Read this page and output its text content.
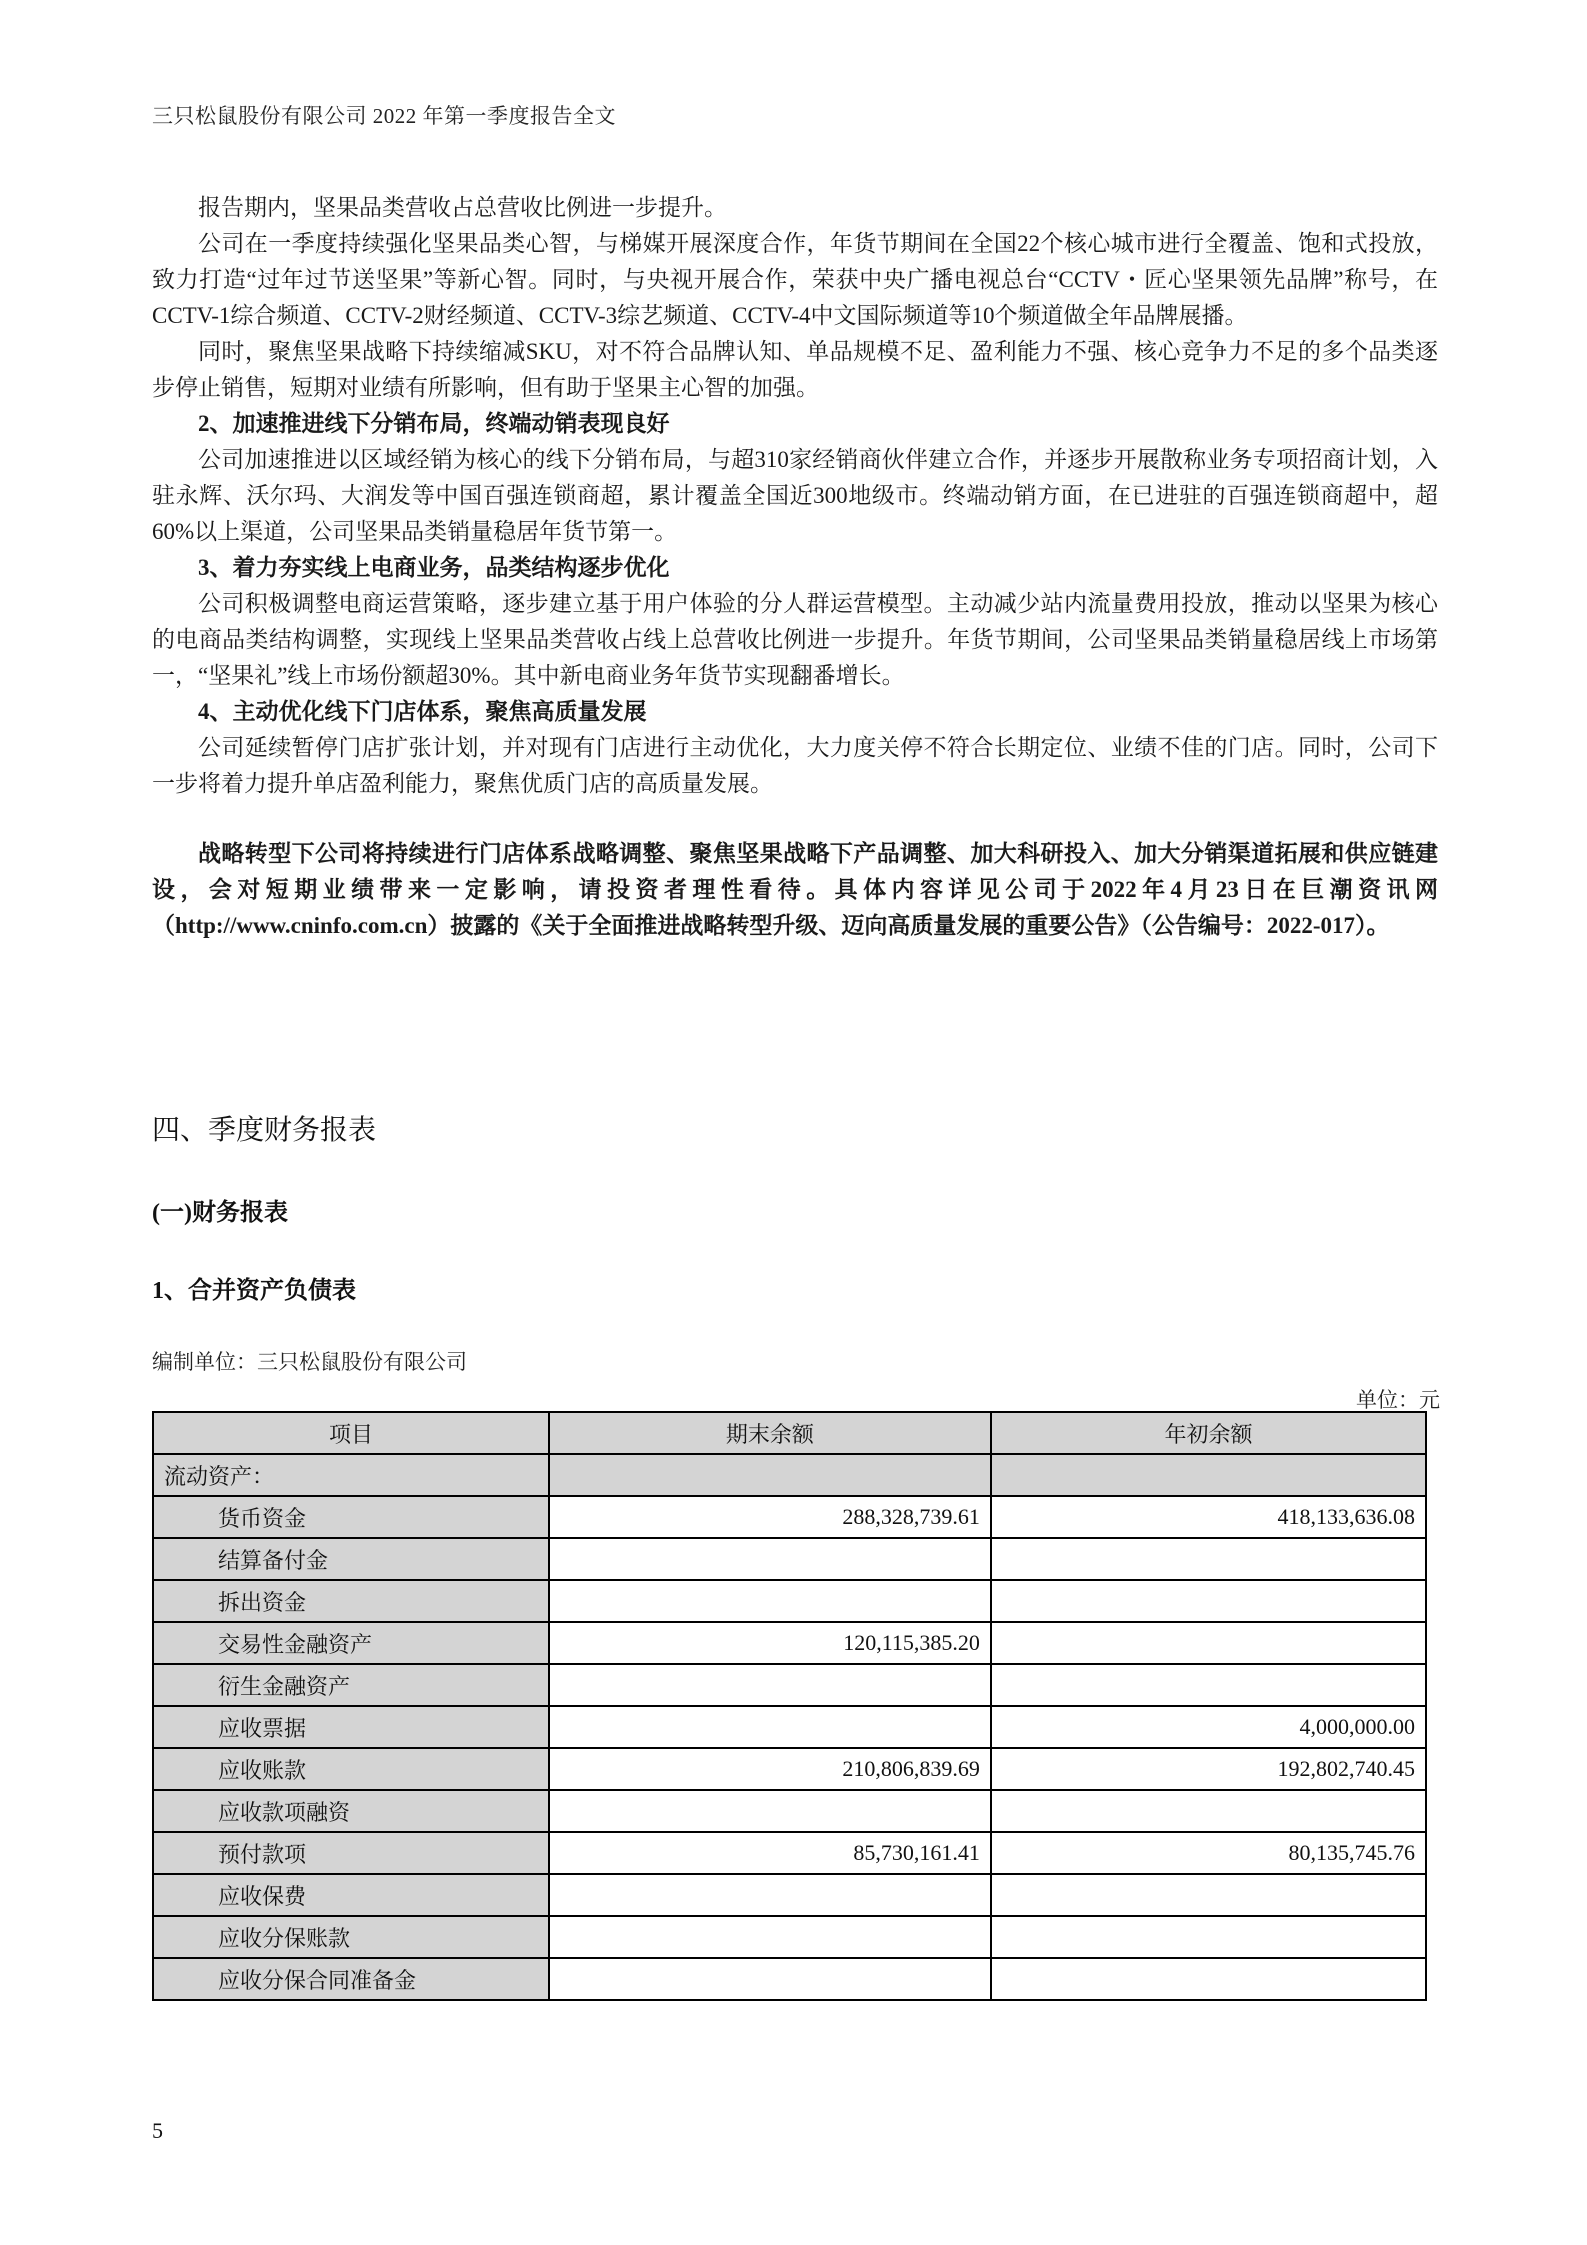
三只松鼠股份有限公司 2022 年第一季度报告全文

报告期内，坚果品类营收占总营收比例进一步提升。

公司在一季度持续强化坚果品类心智，与梯媒开展深度合作，年货节期间在全国22个核心城市进行全覆盖、饱和式投放，致力打造“过年过节送坚果”等新心智。同时，与央视开展合作，荣获中央广播电视总台“CCTV・匠心坚果领先品牌”称号，在CCTV-1综合频道、CCTV-2财经频道、CCTV-3综艺频道、CCTV-4中文国际频道等10个频道做全年品牌展播。

同时，聚焦坚果战略下持续缩减SKU，对不符合品牌认知、单品规模不足、盈利能力不强、核心竞争力不足的多个品类逐步停止销售，短期对业绩有所影响，但有助于坚果主心智的加强。

2、加速推进线下分销布局，终端动销表现良好

公司加速推进以区域经销为核心的线下分销布局，与超310家经销商伙伴建立合作，并逐步开展散称业务专项招商计划，入驻永辉、沃尔玛、大润发等中国百强连锁商超，累计覆盖全国近300地级市。终端动销方面，在已进驻的百强连锁商超中，超60%以上渠道，公司坚果品类销量稳居年货节第一。

3、着力夯实线上电商业务，品类结构逐步优化

公司积极调整电商运营策略，逐步建立基于用户体验的分人群运营模型。主动减少站内流量费用投放，推动以坚果为核心的电商品类结构调整，实现线上坚果品类营收占线上总营收比例进一步提升。年货节期间，公司坚果品类销量稳居线上市场第一，“坚果礼”线上市场份额超30%。其中新电商业务年货节实现翻番增长。

4、主动优化线下门店体系，聚焦高质量发展

公司延续暂停门店扩张计划，并对现有门店进行主动优化，大力度关停不符合长期定位、业绩不佳的门店。同时，公司下一步将着力提升单店盈利能力，聚焦优质门店的高质量发展。

战略转型下公司将持续进行门店体系战略调整、聚焦坚果战略下产品调整、加大科研投入、加大分销渠道拓展和供应链建设，会对短期业绩带来一定影响，请投资者理性看待。具体内容详见公司于2022年4月23日在巨潮资讯网（http://www.cninfo.com.cn）披露的《关于全面推进战略转型升级、迈向高质量发展的重要公告》（公告编号：2022-017）。

四、季度财务报表
(一)财务报表
1、合并资产负债表
编制单位：三只松鼠股份有限公司
单位：元
项目	期末余额	年初余额
流动资产：		
货币资金	288,328,739.61	418,133,636.08
结算备付金		
拆出资金		
交易性金融资产	120,115,385.20	
衍生金融资产		
应收票据		4,000,000.00
应收账款	210,806,839.69	192,802,740.45
应收款项融资		
预付款项	85,730,161.41	80,135,745.76
应收保费		
应收分保账款		
应收分保合同准备金		
5
